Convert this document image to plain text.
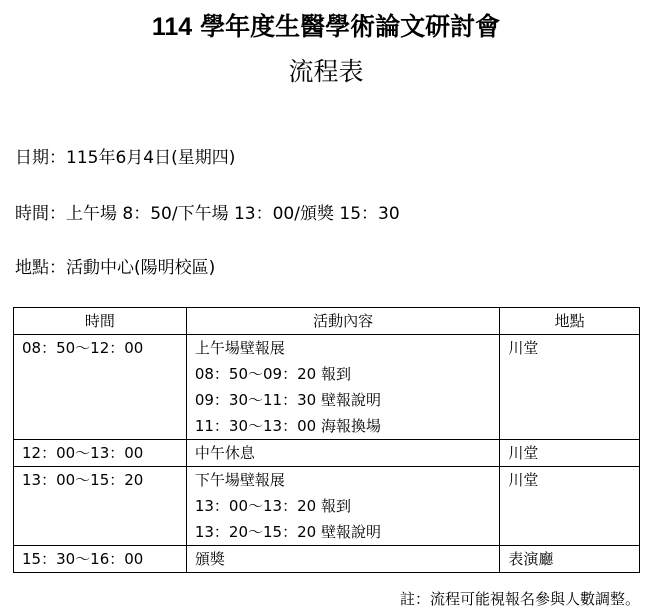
114 學年度生醫學術論文研討會
流程表
日期：115年6月4日(星期四)
時間：上午場 8：50/下午場 13：00/頒獎 15：30
地點：活動中心(陽明校區)
時間	活動內容	地點

08：50～12：00	上午場壁報展
08：50～09：20 報到
09：30～11：30 壁報說明
11：30～13：00 海報換場	川堂

12：00～13：00	中午休息	川堂

13：00～15：20	下午場壁報展
13：00～13：20 報到
13：20～15：20 壁報說明	川堂

15：30～16：00	頒獎	表演廳
註：流程可能視報名參與人數調整。
